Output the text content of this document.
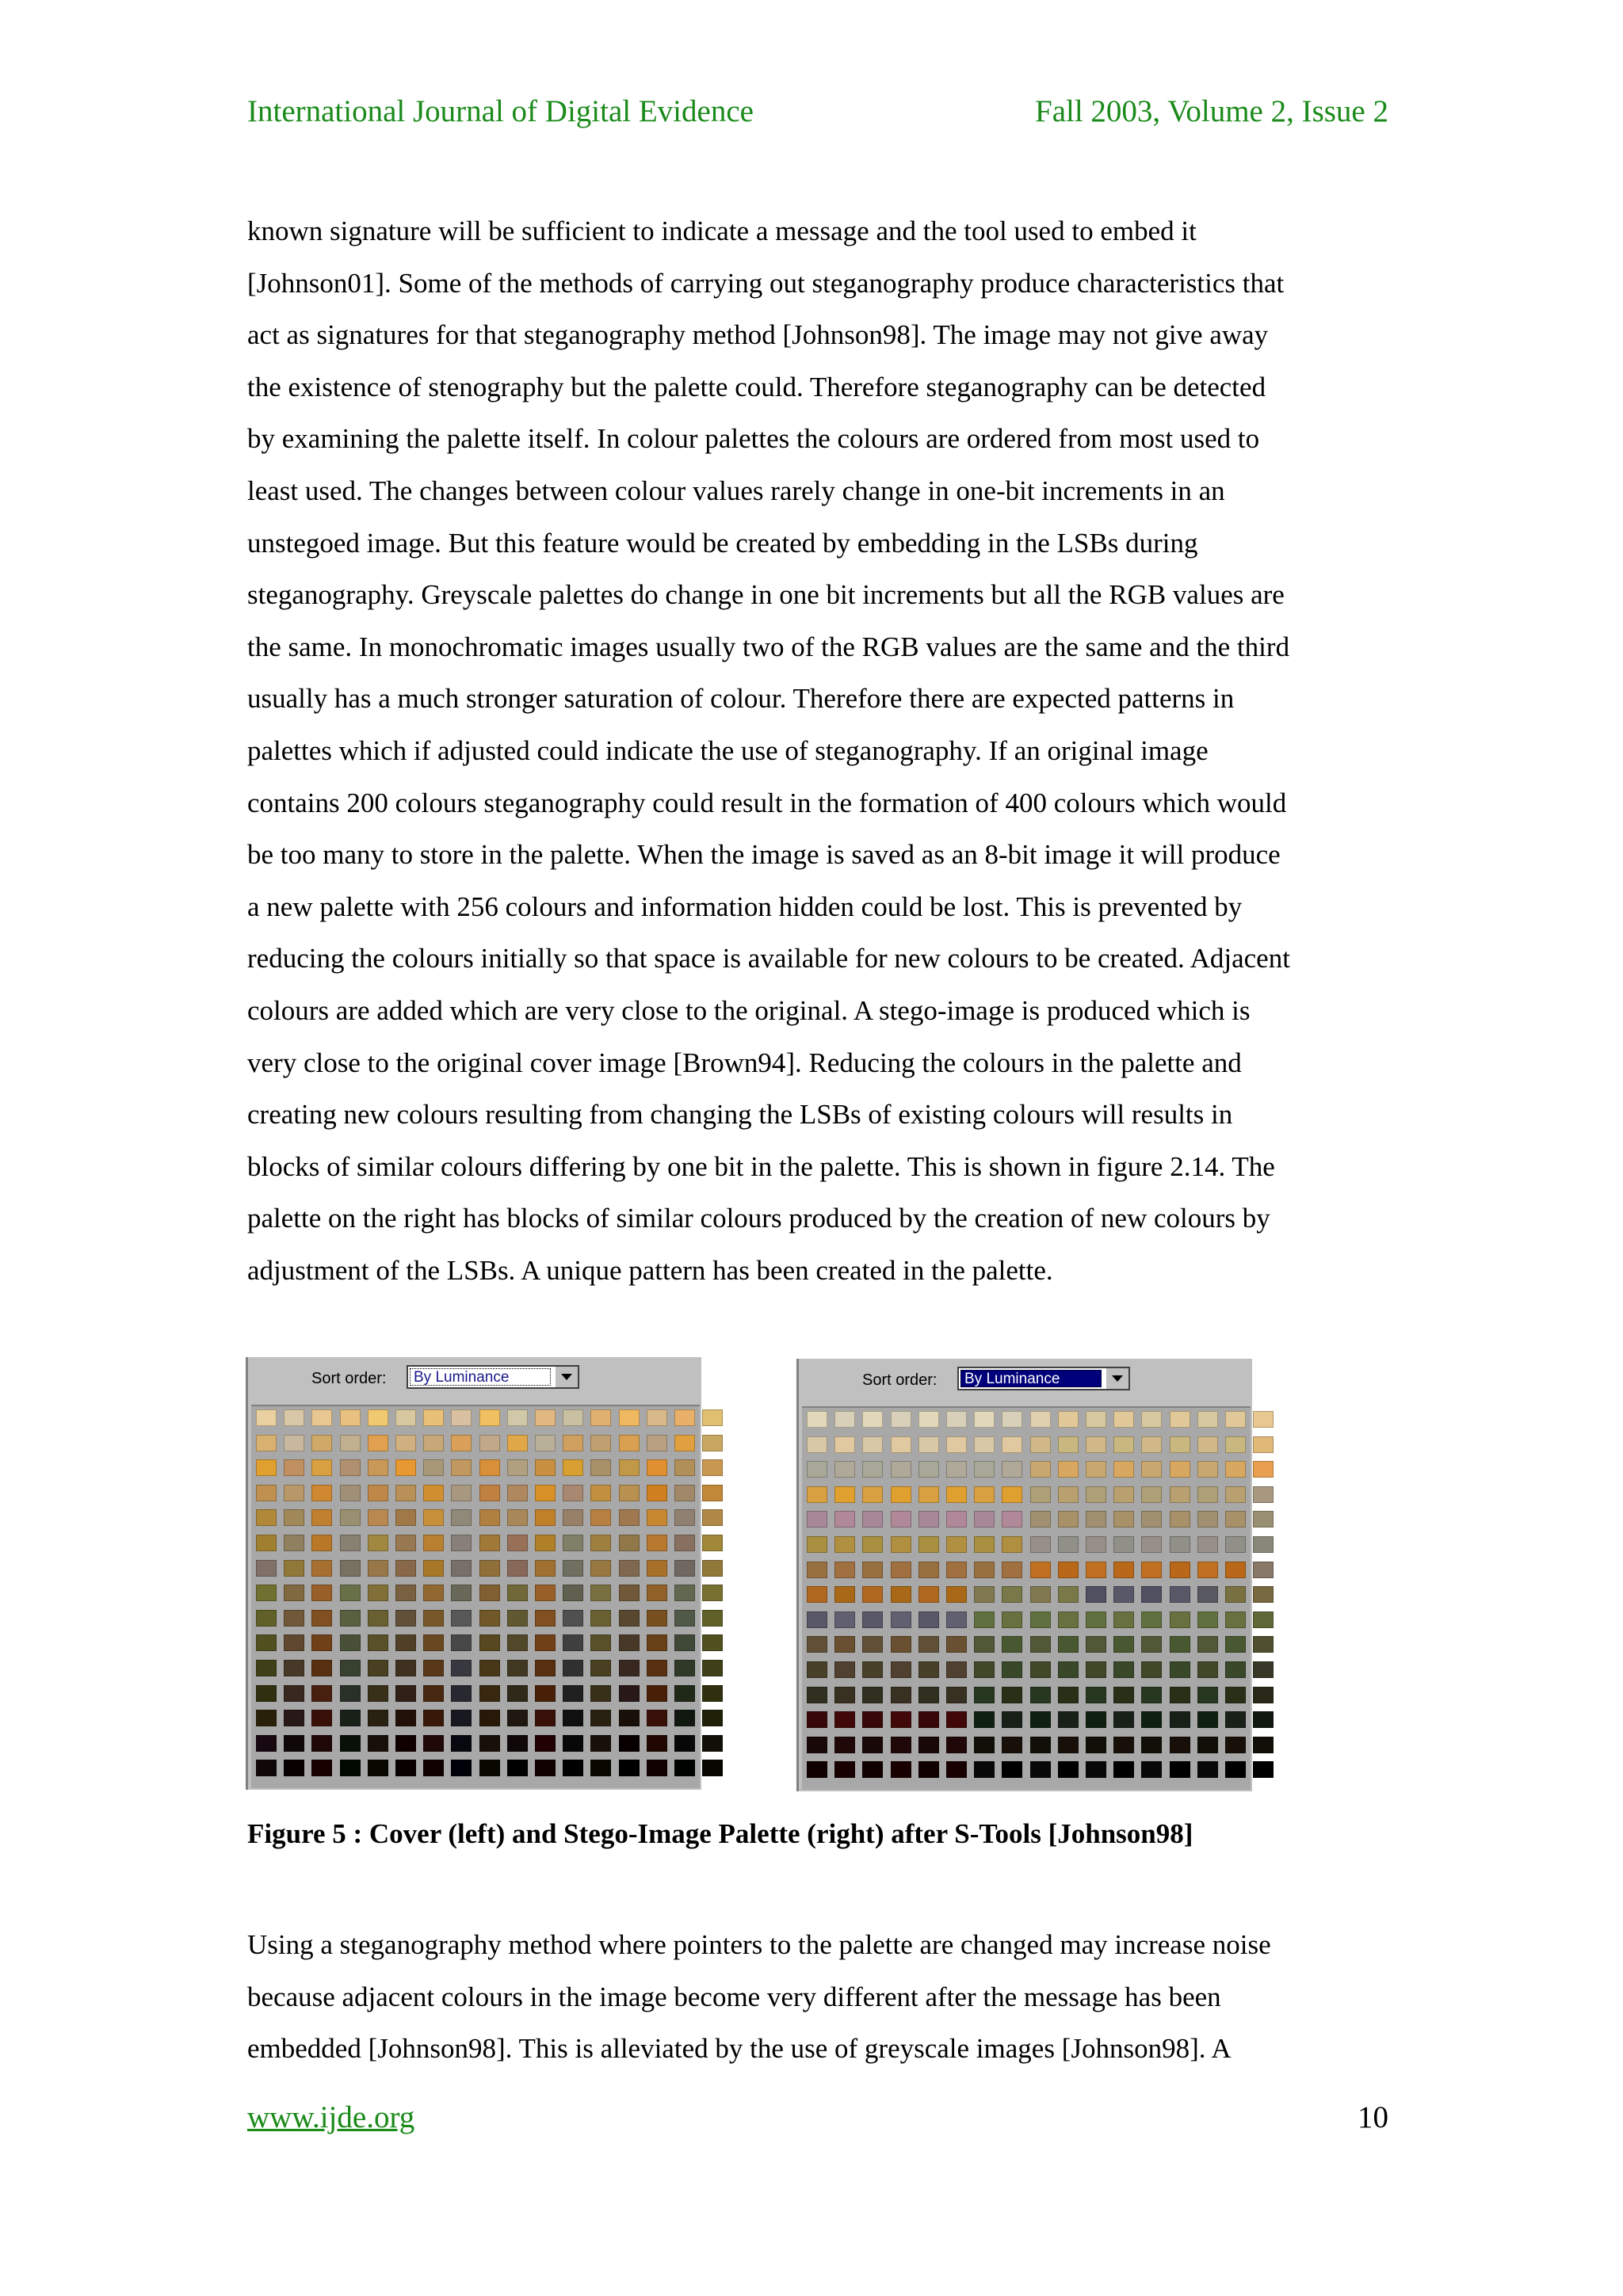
International Journal of Digital Evidence	Fall 2003, Volume 2, Issue 2
known signature will be sufficient to indicate a message and the tool used to embed it
[Johnson01]. Some of the methods of carrying out steganography produce characteristics that
act as signatures for that steganography method [Johnson98]. The image may not give away
the existence of stenography but the palette could. Therefore steganography can be detected
by examining the palette itself. In colour palettes the colours are ordered from most used to
least used. The changes between colour values rarely change in one-bit increments in an
unstegoed image. But this feature would be created by embedding in the LSBs during
steganography. Greyscale palettes do change in one bit increments but all the RGB values are
the same. In monochromatic images usually two of the RGB values are the same and the third
usually has a much stronger saturation of colour. Therefore there are expected patterns in
palettes which if adjusted could indicate the use of steganography. If an original image
contains 200 colours steganography could result in the formation of 400 colours which would
be too many to store in the palette. When the image is saved as an 8-bit image it will produce
a new palette with 256 colours and information hidden could be lost. This is prevented by
reducing the colours initially so that space is available for new colours to be created. Adjacent
colours are added which are very close to the original. A stego-image is produced which is
very close to the original cover image [Brown94]. Reducing the colours in the palette and
creating new colours resulting from changing the LSBs of existing colours will results in
blocks of similar colours differing by one bit in the palette. This is shown in figure 2.14. The
palette on the right has blocks of similar colours produced by the creation of new colours by
adjustment of the LSBs. A unique pattern has been created in the palette.
Sort order: By Luminance	Sort order: By Luminance

Figure 5 : Cover (left) and Stego-Image Palette (right) after S-Tools [Johnson98]

Using a steganography method where pointers to the palette are changed may increase noise
because adjacent colours in the image become very different after the message has been
embedded [Johnson98]. This is alleviated by the use of greyscale images [Johnson98]. A
www.ijde.org	10
